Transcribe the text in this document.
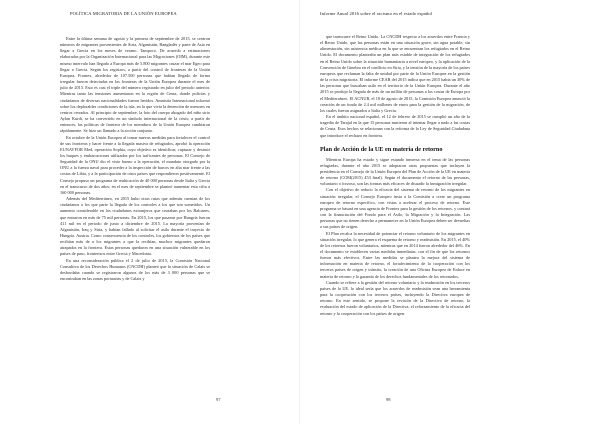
POLÍTICA MIGRATORIA DE LA UNIÓN EUROPEA

Entre la última semana de agosto y la primera de septiembre de 2015, se crearon números de migrantes provenientes de Siria, Afganistán, Bangladés y parte de Asia en llegar a Grecia en los meses de verano. Tampoco. De acuerdo a estimaciones elaboradas por la Organización Internacional para las Migraciones (OIM), durante este mismo intervalo han llegado a Europa más de 5.800 migrantes cruzar el mar Egeo para llegar a Grecia. Según los registros, a partir del control de fronteras de la Unión Europea, Frontex, alrededor de 107.500 personas que habían llegado de forma irregular fueron detectadas en las fronteras de la Unión Europea durante el mes de julio de 2015. Esto es casi el triple del número registrado en julio del periodo anterior. Mientras tanto las tensiones aumentaron en la región de Ceuta, donde policías y ciudadanos de diversas nacionalidades fueron heridos. Amnistía Internacional informó sobre los deplorables condiciones de la isla, en la que vivía la detención de menores en centros cerrados. Al principio de septiembre, la foto del cuerpo ahogado del niño sirio Aylan Kurdi, se ha convertido en un símbolo internacional de la crisis; a partir de entonces, las políticas de frontera de los miembros de la Unión Europea cambiaron rápidamente. Se hizo un llamado a la acción conjunta.

En octubre de la Unión Europea al tomar nuevas medidas para fortalecer el control de sus fronteras y hacer frente a la llegada masiva de refugiados, aprobó la operación EUNAVFOR Med, operación Sophia, cuyo objetivo es identificar, capturar y destruir los buques y embarcaciones utilizados por los traficantes de personas. El Consejo de Seguridad de la ONU dio el visto bueno a la operación, el mandato otorgado por la ONU a la fuerza naval para proceder a la inspección de barcos en alta mar frente a las costas de Libia, y a la participación de otros países que respondieron positivamente. El Consejo propuso un programa de reubicación de 40 000 personas desde Italia y Grecia en el transcurso de dos años; en el mes de septiembre se planteó aumentar esta cifra a 160 000 personas.

Además del Mediterráneo, en 2015 hubo otras rutas que además cuentan de los ciudadanos a los que parte la llegada de los controles a los que son sometidos. Un aumento considerable en los ciudadanos extranjeros que cruzaban por los Balcanes, que entraron en más de 75 mil personas. En 2015, los que pasaron por Hungría fueron 411 mil en el periodo de junio a diciembre de 2015. La mayoría provenían de Afganistán, Iraq y Siria, y habían fallado al solicitar el asilo durante el trayecto de Hungría. Austria. Como consecuencia de los controles, los gobiernos de los países que recibían más de a los migrantes a que la recibían, muchos migrantes quedaron atrapados en la frontera. Estas personas quedaron en una situación vulnerable en los países de paso, fronterizos entre Grecia y Macedonia.

En una reconsideración pública el 2 de julio de 2015, la Comisión Nacional Consultiva de los Derechos Humanos (CNCDH) planteó que la situación de Calais se desbordaba cuando se registraron algunos de los más de 3 000 personas que se encontraban en las zonas portuarias y de Calais y

97
Informe Anual 2016 sobre el racismo en el estado español

que transcurre el Reino Unido. La CNCDH respecto a los acuerdos entre Francia y el Reino Unido, que las personas están en una situación grave, sin agua potable, sin alimentación, sin asistencia médica en la que se encuentran los refugiados en el Reino Unido. El documento planteaba un plan más estable de integración de los refugiados en el Reino Unido sobre la situación humanitaria a nivel europeo, y la aplicación de la Convención de Ginebra en el conflicto en Siria, y la tensión de la mayoría de los países europeos que reclaman la falta de unidad por parte de la Unión Europea en la gestión de la crisis migratoria. El informe CEAR del 2015 indica que en 2015 había un 30% de las personas que buscaban asilo en el territorio de la Unión Europea. Durante el año 2015 se produjo la llegada de más de un millón de personas a las costas de Europa por el Mediterráneo. El ACNUR, el 18 de agosto de 2015, la Comisión Europea anunció la creación de un fondo de 2.4 mil millones de euros para la gestión de la migración, de los cuales fueron asignados a Italia y Grecia.

En el ámbito nacional español, el 12 de febrero de 2015 se cumplió un año de la tragedia de Tarajal en la que 15 personas murieron al intentar llegar a nado a las costas de Ceuta. Esos hechos se relacionan con la reforma de la Ley de Seguridad Ciudadana que introduce el rechazo en frontera.

Plan de Acción de la UE en materia de retorno

Mientras Europa ha estado y sigue estando inmersa en el tema de las personas refugiadas, durante el año 2015 se adoptaron otras propuestas que incluyen la presidencia en el Consejo de la Unión Europea del Plan de Acción de la UE en materia de retorno (COM(2015) 453 final). Según el documento el retorno de las personas, voluntario o forzoso, son las formas más eficaces de disuadir la inmigración irregular.

Con el objetivo de reducir la eficacia del sistema de retorno de los migrantes en situación irregular, el Consejo Europeo insta a la Comisión a crear un programa europeo de retorno específico, con vistas a acelerar el proceso de retorno. Este programa se basará en una agencia de Frontex para la gestión de los retornos, y contará con la financiación del Fondo para el Asilo, la Migración y la Integración. Las personas que no tienen derecho a permanecer en la Unión Europea deben ser devueltas a sus países de origen.

El Plan recalca la necesidad de potenciar el retorno voluntario de los migrantes en situación irregular, lo que genera el esquema de retorno y readmisión. En 2015, el 40% de los retornos fueron voluntarios, mientras que en 2014 fueron alrededor del 46%. En el documento se establecen varias medidas inmediatas, con el fin de que los retornos fueron más efectivos. Entre las medidas se plantea la mejora del sistema de información en materia de retorno, el fortalecimiento de la cooperación con los terceros países de origen y tránsito, la creación de una Oficina Europea de Enlace en materia de retorno y la garantía de los derechos fundamentales de los retornados.

Cuando se refiere a la gestión del retorno voluntario y la readmisión en los terceros países de la UE, lo ideal sería que los acuerdos de readmisión sean una herramienta para la cooperación con los terceros países, incluyendo la Directiva europea de retorno. En este sentido, se propone la revisión de la Directiva de retorno, la evaluación del estado de aplicación de la Directiva, el reforzamiento de la eficacia del retorno y la cooperación con los países de origen.

98
